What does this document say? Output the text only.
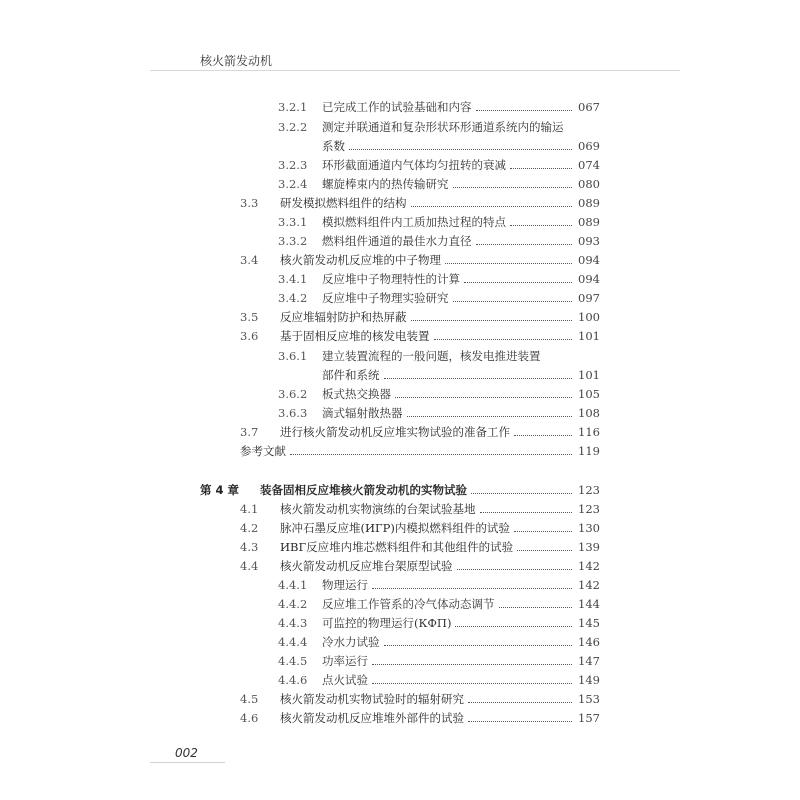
核火箭发动机
3.2.1	已完成工作的试验基础和内容	067
3.2.2	测定并联通道和复杂形状环形通道系统内的输运
系数	069
3.2.3	环形截面通道内气体均匀扭转的衰减	074
3.2.4	螺旋棒束内的热传输研究	080
3.3	研发模拟燃料组件的结构	089
3.3.1	模拟燃料组件内工质加热过程的特点	089
3.3.2	燃料组件通道的最佳水力直径	093
3.4	核火箭发动机反应堆的中子物理	094
3.4.1	反应堆中子物理特性的计算	094
3.4.2	反应堆中子物理实验研究	097
3.5	反应堆辐射防护和热屏蔽	100
3.6	基于固相反应堆的核发电装置	101
3.6.1	建立装置流程的一般问题，核发电推进装置
部件和系统	101
3.6.2	板式热交换器	105
3.6.3	滴式辐射散热器	108
3.7	进行核火箭发动机反应堆实物试验的准备工作	116
参考文献	119
第 4 章	装备固相反应堆核火箭发动机的实物试验	123
4.1	核火箭发动机实物演练的台架试验基地	123
4.2	脉冲石墨反应堆(ИГР)内模拟燃料组件的试验	130
4.3	ИВГ反应堆内堆芯燃料组件和其他组件的试验	139
4.4	核火箭发动机反应堆台架原型试验	142
4.4.1	物理运行	142
4.4.2	反应堆工作管系的冷气体动态调节	144
4.4.3	可监控的物理运行(КФП)	145
4.4.4	冷水力试验	146
4.4.5	功率运行	147
4.4.6	点火试验	149
4.5	核火箭发动机实物试验时的辐射研究	153
4.6	核火箭发动机反应堆堆外部件的试验	157
002
